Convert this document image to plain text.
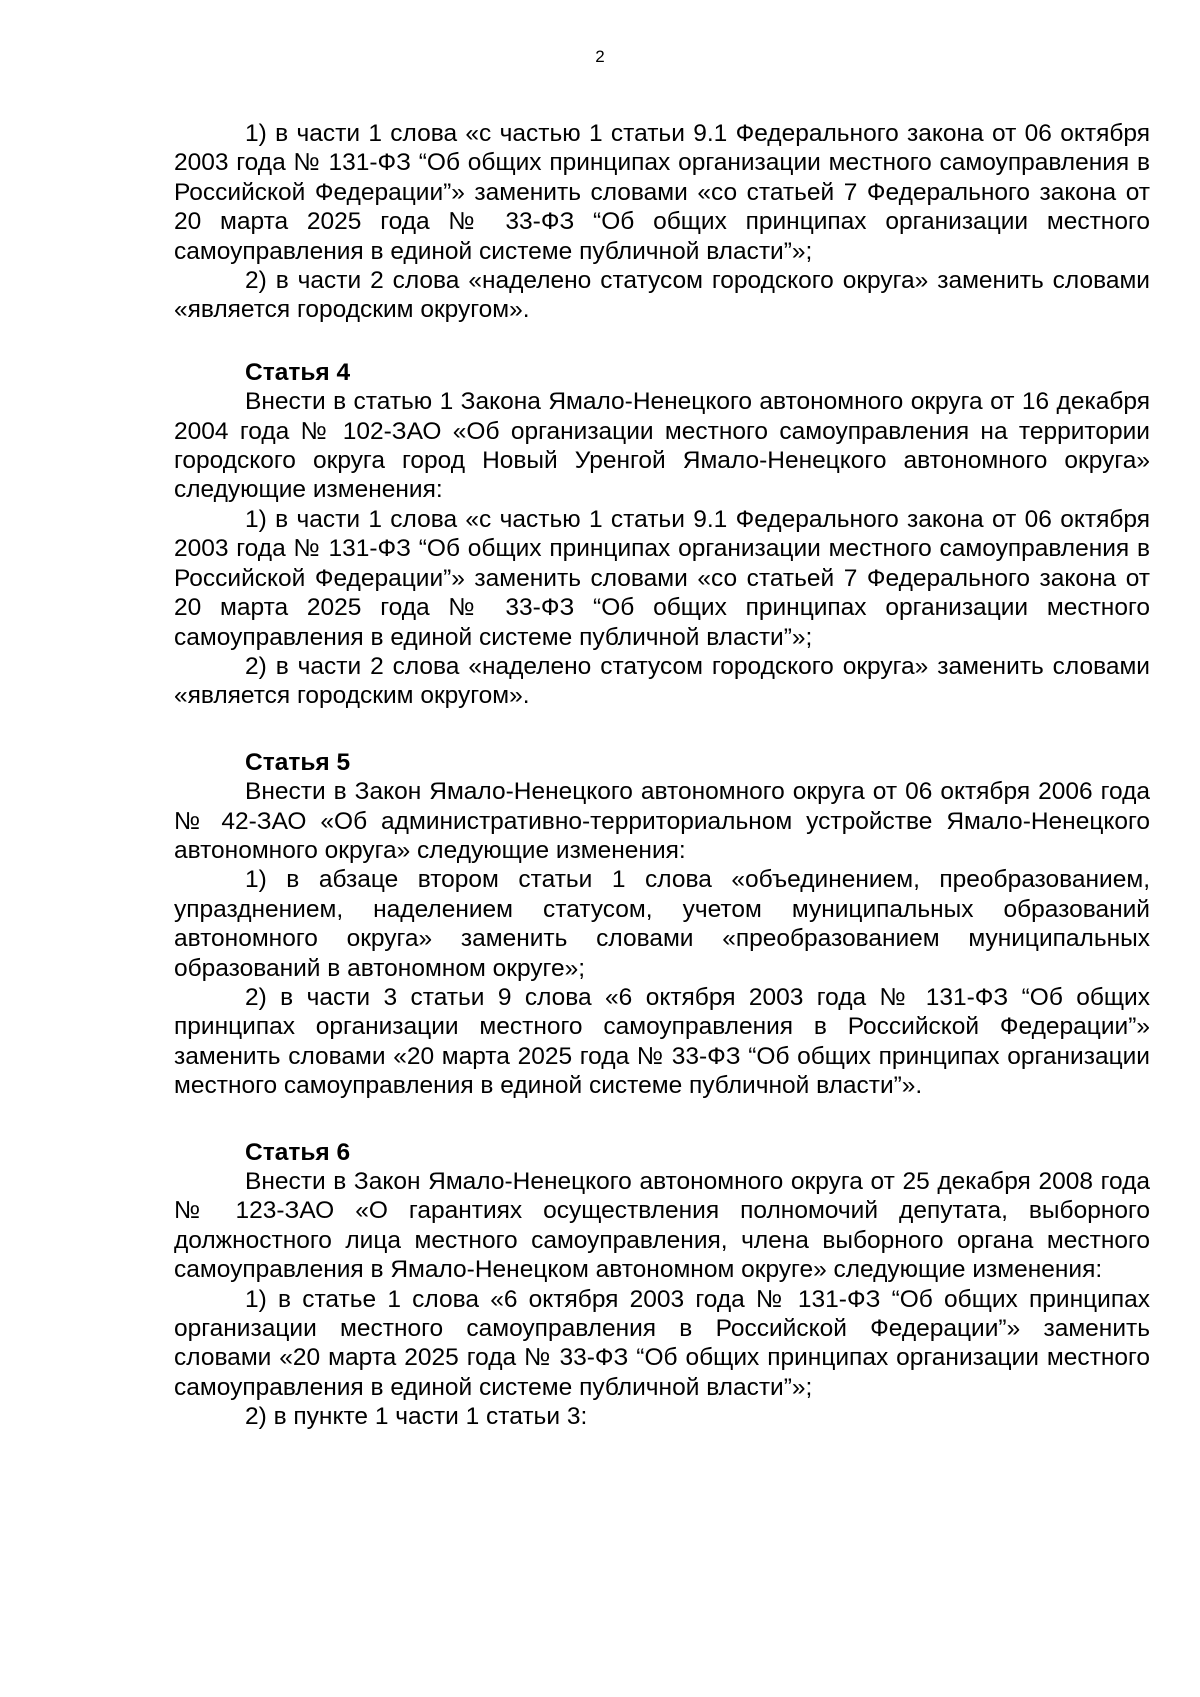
2

1) в части 1 слова «с частью 1 статьи 9.1 Федерального закона от 06 октября 2003 года № 131-ФЗ “Об общих принципах организации местного самоуправления в Российской Федерации”» заменить словами «со статьей 7 Федерального закона от 20 марта 2025 года № 33-ФЗ “Об общих принципах организации местного самоуправления в единой системе публичной власти”»;

2) в части 2 слова «наделено статусом городского округа» заменить словами «является городским округом».

Статья 4

Внести в статью 1 Закона Ямало-Ненецкого автономного округа от 16 декабря 2004 года № 102-ЗАО «Об организации местного самоуправления на территории городского округа город Новый Уренгой Ямало-Ненецкого автономного округа» следующие изменения:

1) в части 1 слова «с частью 1 статьи 9.1 Федерального закона от 06 октября 2003 года № 131-ФЗ “Об общих принципах организации местного самоуправления в Российской Федерации”» заменить словами «со статьей 7 Федерального закона от 20 марта 2025 года № 33-ФЗ “Об общих принципах организации местного самоуправления в единой системе публичной власти”»;

2) в части 2 слова «наделено статусом городского округа» заменить словами «является городским округом».

Статья 5

Внести в Закон Ямало-Ненецкого автономного округа от 06 октября 2006 года № 42-ЗАО «Об административно-территориальном устройстве Ямало-Ненецкого автономного округа» следующие изменения:

1) в абзаце втором статьи 1 слова «объединением, преобразованием, упразднением, наделением статусом, учетом муниципальных образований автономного округа» заменить словами «преобразованием муниципальных образований в автономном округе»;

2) в части 3 статьи 9 слова «6 октября 2003 года № 131-ФЗ “Об общих принципах организации местного самоуправления в Российской Федерации”» заменить словами «20 марта 2025 года № 33-ФЗ “Об общих принципах организации местного самоуправления в единой системе публичной власти”».

Статья 6

Внести в Закон Ямало-Ненецкого автономного округа от 25 декабря 2008 года № 123-ЗАО «О гарантиях осуществления полномочий депутата, выборного должностного лица местного самоуправления, члена выборного органа местного самоуправления в Ямало-Ненецком автономном округе» следующие изменения:

1) в статье 1 слова «6 октября 2003 года № 131-ФЗ “Об общих принципах организации местного самоуправления в Российской Федерации”» заменить словами «20 марта 2025 года № 33-ФЗ “Об общих принципах организации местного самоуправления в единой системе публичной власти”»;

2) в пункте 1 части 1 статьи 3:
